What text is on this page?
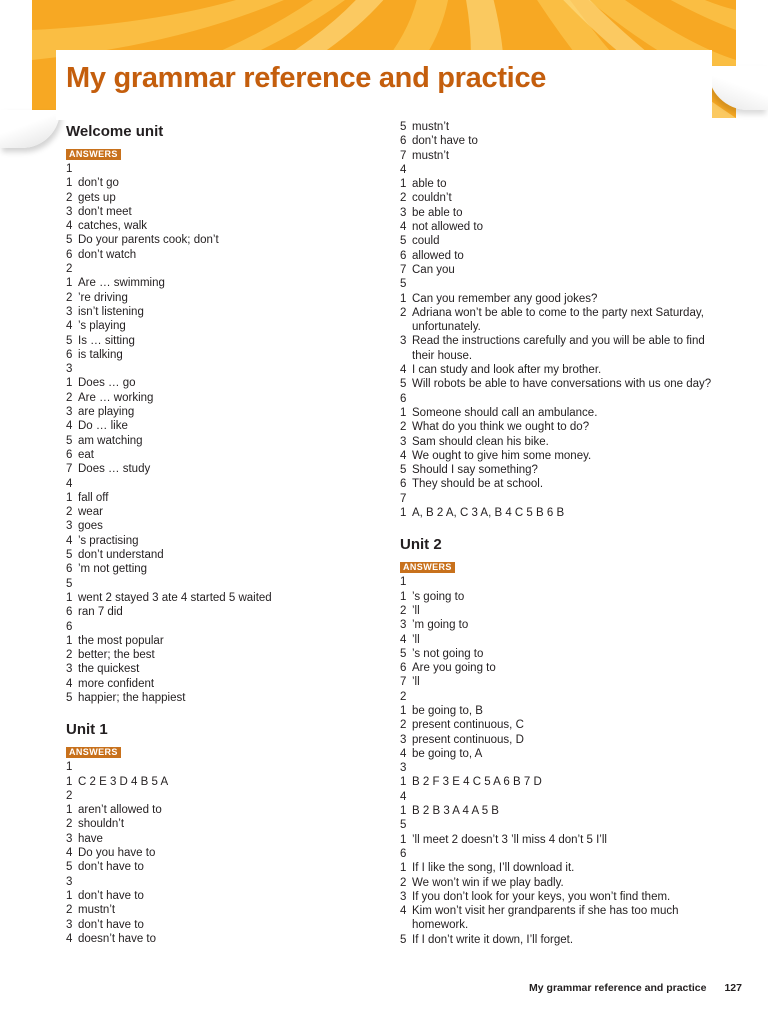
My grammar reference and practice
Welcome unit
ANSWERS
1
1 don’t go
2 gets up
3 don’t meet
4 catches, walk
5 Do your parents cook; don’t
6 don’t watch
2
1 Are … swimming
2 ’re driving
3 isn’t listening
4 ’s playing
5 Is … sitting
6 is talking
3
1 Does … go
2 Are … working
3 are playing
4 Do … like
5 am watching
6 eat
7 Does … study
4
1 fall off
2 wear
3 goes
4 ’s practising
5 don’t understand
6 ’m not getting
5
1 went 2 stayed 3 ate 4 started 5 waited
6 ran 7 did
6
1 the most popular
2 better; the best
3 the quickest
4 more confident
5 happier; the happiest
Unit 1
ANSWERS
1
1 C 2 E 3 D 4 B 5 A
2
1 aren’t allowed to
2 shouldn’t
3 have
4 Do you have to
5 don’t have to
3
1 don’t have to
2 mustn’t
3 don’t have to
4 doesn’t have to
5 mustn’t
6 don’t have to
7 mustn’t
4
1 able to
2 couldn’t
3 be able to
4 not allowed to
5 could
6 allowed to
7 Can you
5
1 Can you remember any good jokes?
2 Adriana won’t be able to come to the party next Saturday, unfortunately.
3 Read the instructions carefully and you will be able to find their house.
4 I can study and look after my brother.
5 Will robots be able to have conversations with us one day?
6
1 Someone should call an ambulance.
2 What do you think we ought to do?
3 Sam should clean his bike.
4 We ought to give him some money.
5 Should I say something?
6 They should be at school.
7
1 A, B 2 A, C 3 A, B 4 C 5 B 6 B
Unit 2
ANSWERS
1
1 ’s going to
2 ’ll
3 ’m going to
4 ’ll
5 ’s not going to
6 Are you going to
7 ’ll
2
1 be going to, B
2 present continuous, C
3 present continuous, D
4 be going to, A
3
1 B 2 F 3 E 4 C 5 A 6 B 7 D
4
1 B 2 B 3 A 4 A 5 B
5
1 ’ll meet 2 doesn’t 3 ’ll miss 4 don’t 5 I’ll
6
1 If I like the song, I’ll download it.
2 We won’t win if we play badly.
3 If you don’t look for your keys, you won’t find them.
4 Kim won’t visit her grandparents if she has too much homework.
5 If I don’t write it down, I’ll forget.
My grammar reference and practice 127
